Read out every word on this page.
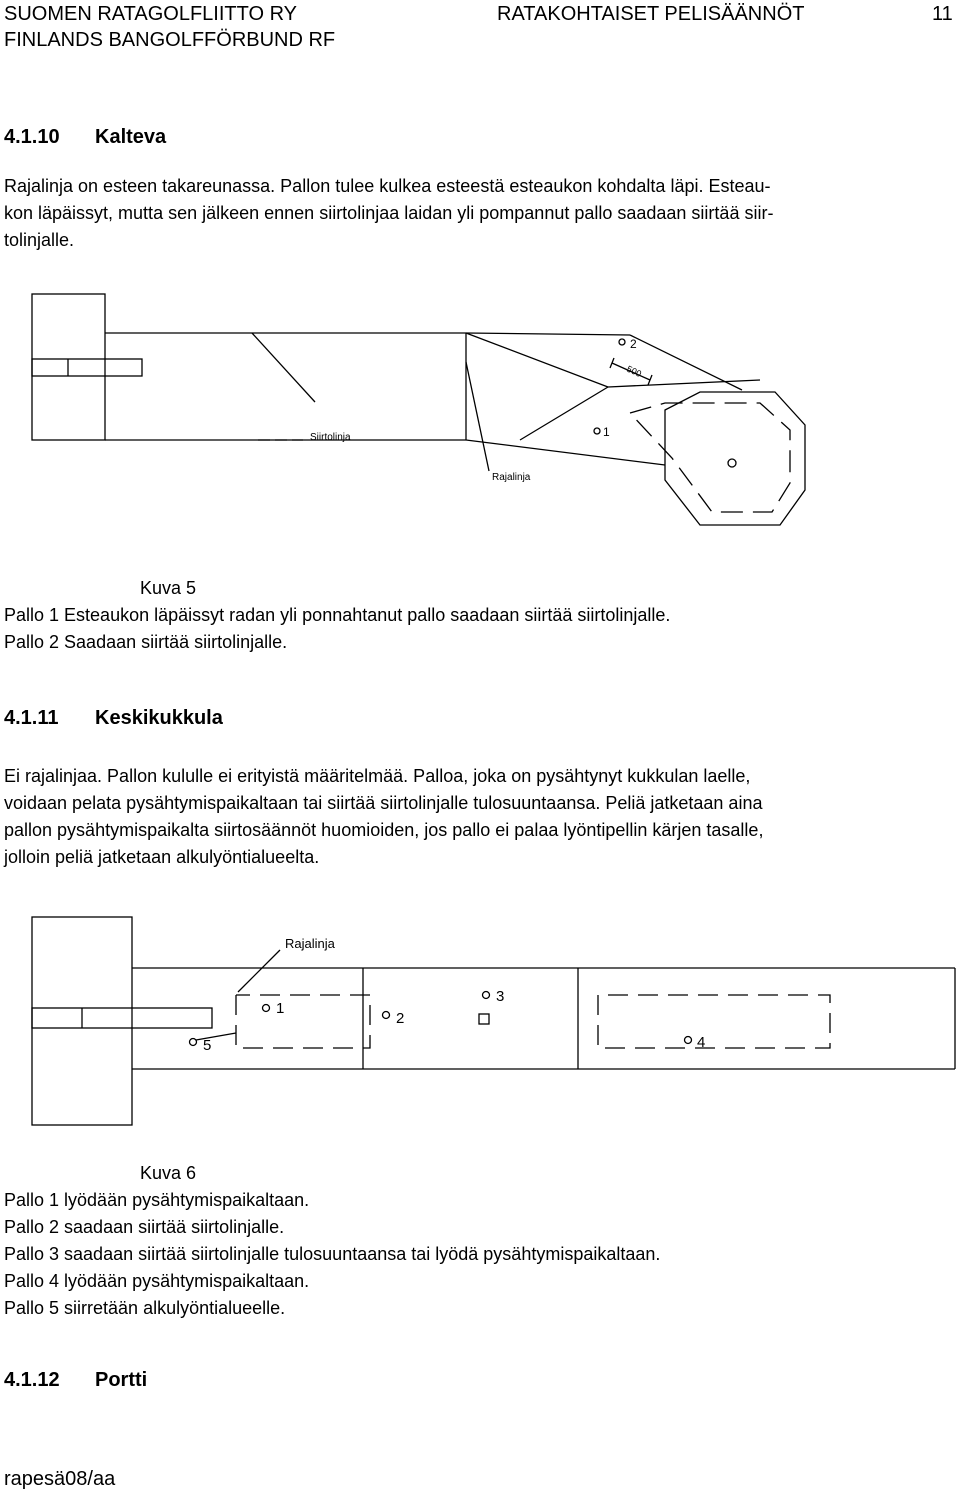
SUOMEN RATAGOLFLIITTO RY
FINLANDS BANGOLFFÖRBUND RF
RATAKOHTAISET PELISÄÄNNÖT	11
4.1.10 Kalteva
Rajalinja on esteen takareunassa. Pallon tulee kulkea esteestä esteaukon kohdalta läpi. Esteau-
kon läpäissyt, mutta sen jälkeen ennen siirtolinjaa laidan yli pompannut pallo saadaan siirtää siir-
tolinjalle.
Siirtolinja
Rajalinja
500
2
1
Kuva 5
Pallo 1 Esteaukon läpäissyt radan yli ponnahtanut pallo saadaan siirtää siirtolinjalle.
Pallo 2 Saadaan siirtää siirtolinjalle.
4.1.11 Keskikukkula
Ei rajalinjaa. Pallon kululle ei erityistä määritelmää. Palloa, joka on pysähtynyt kukkulan laelle,
voidaan pelata pysähtymispaikaltaan tai siirtää siirtolinjalle tulosuuntaansa. Peliä jatketaan aina
pallon pysähtymispaikalta siirtosäännöt huomioiden, jos pallo ei palaa lyöntipellin kärjen tasalle,
jolloin peliä jatketaan alkulyöntialueelta.
Rajalinja
1
2
3
4
5
Kuva 6
Pallo 1 lyödään pysähtymispaikaltaan.
Pallo 2 saadaan siirtää siirtolinjalle.
Pallo 3 saadaan siirtää siirtolinjalle tulosuuntaansa tai lyödä pysähtymispaikaltaan.
Pallo 4 lyödään pysähtymispaikaltaan.
Pallo 5 siirretään alkulyöntialueelle.
4.1.12 Portti
rapesä08/aa
